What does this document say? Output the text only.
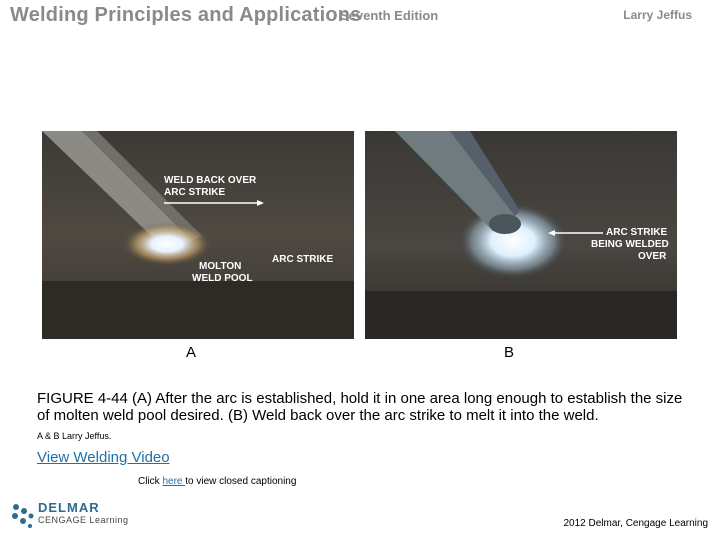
Welding Principles and Applications
Seventh Edition	Larry Jeffus
WELD BACK OVER
ARC STRIKE
MOLTON
WELD POOL
ARC STRIKE
ARC STRIKE
BEING WELDED
OVER
A	B
FIGURE 4-44 (A) After the arc is established, hold it in one area long enough to establish the size of molten weld pool desired. (B) Weld back over the arc strike to melt it into the weld.
A & B Larry Jeffus.
View Welding Video
Click here to view closed captioning
DELMAR
CENGAGE Learning	2012 Delmar, Cengage Learning
